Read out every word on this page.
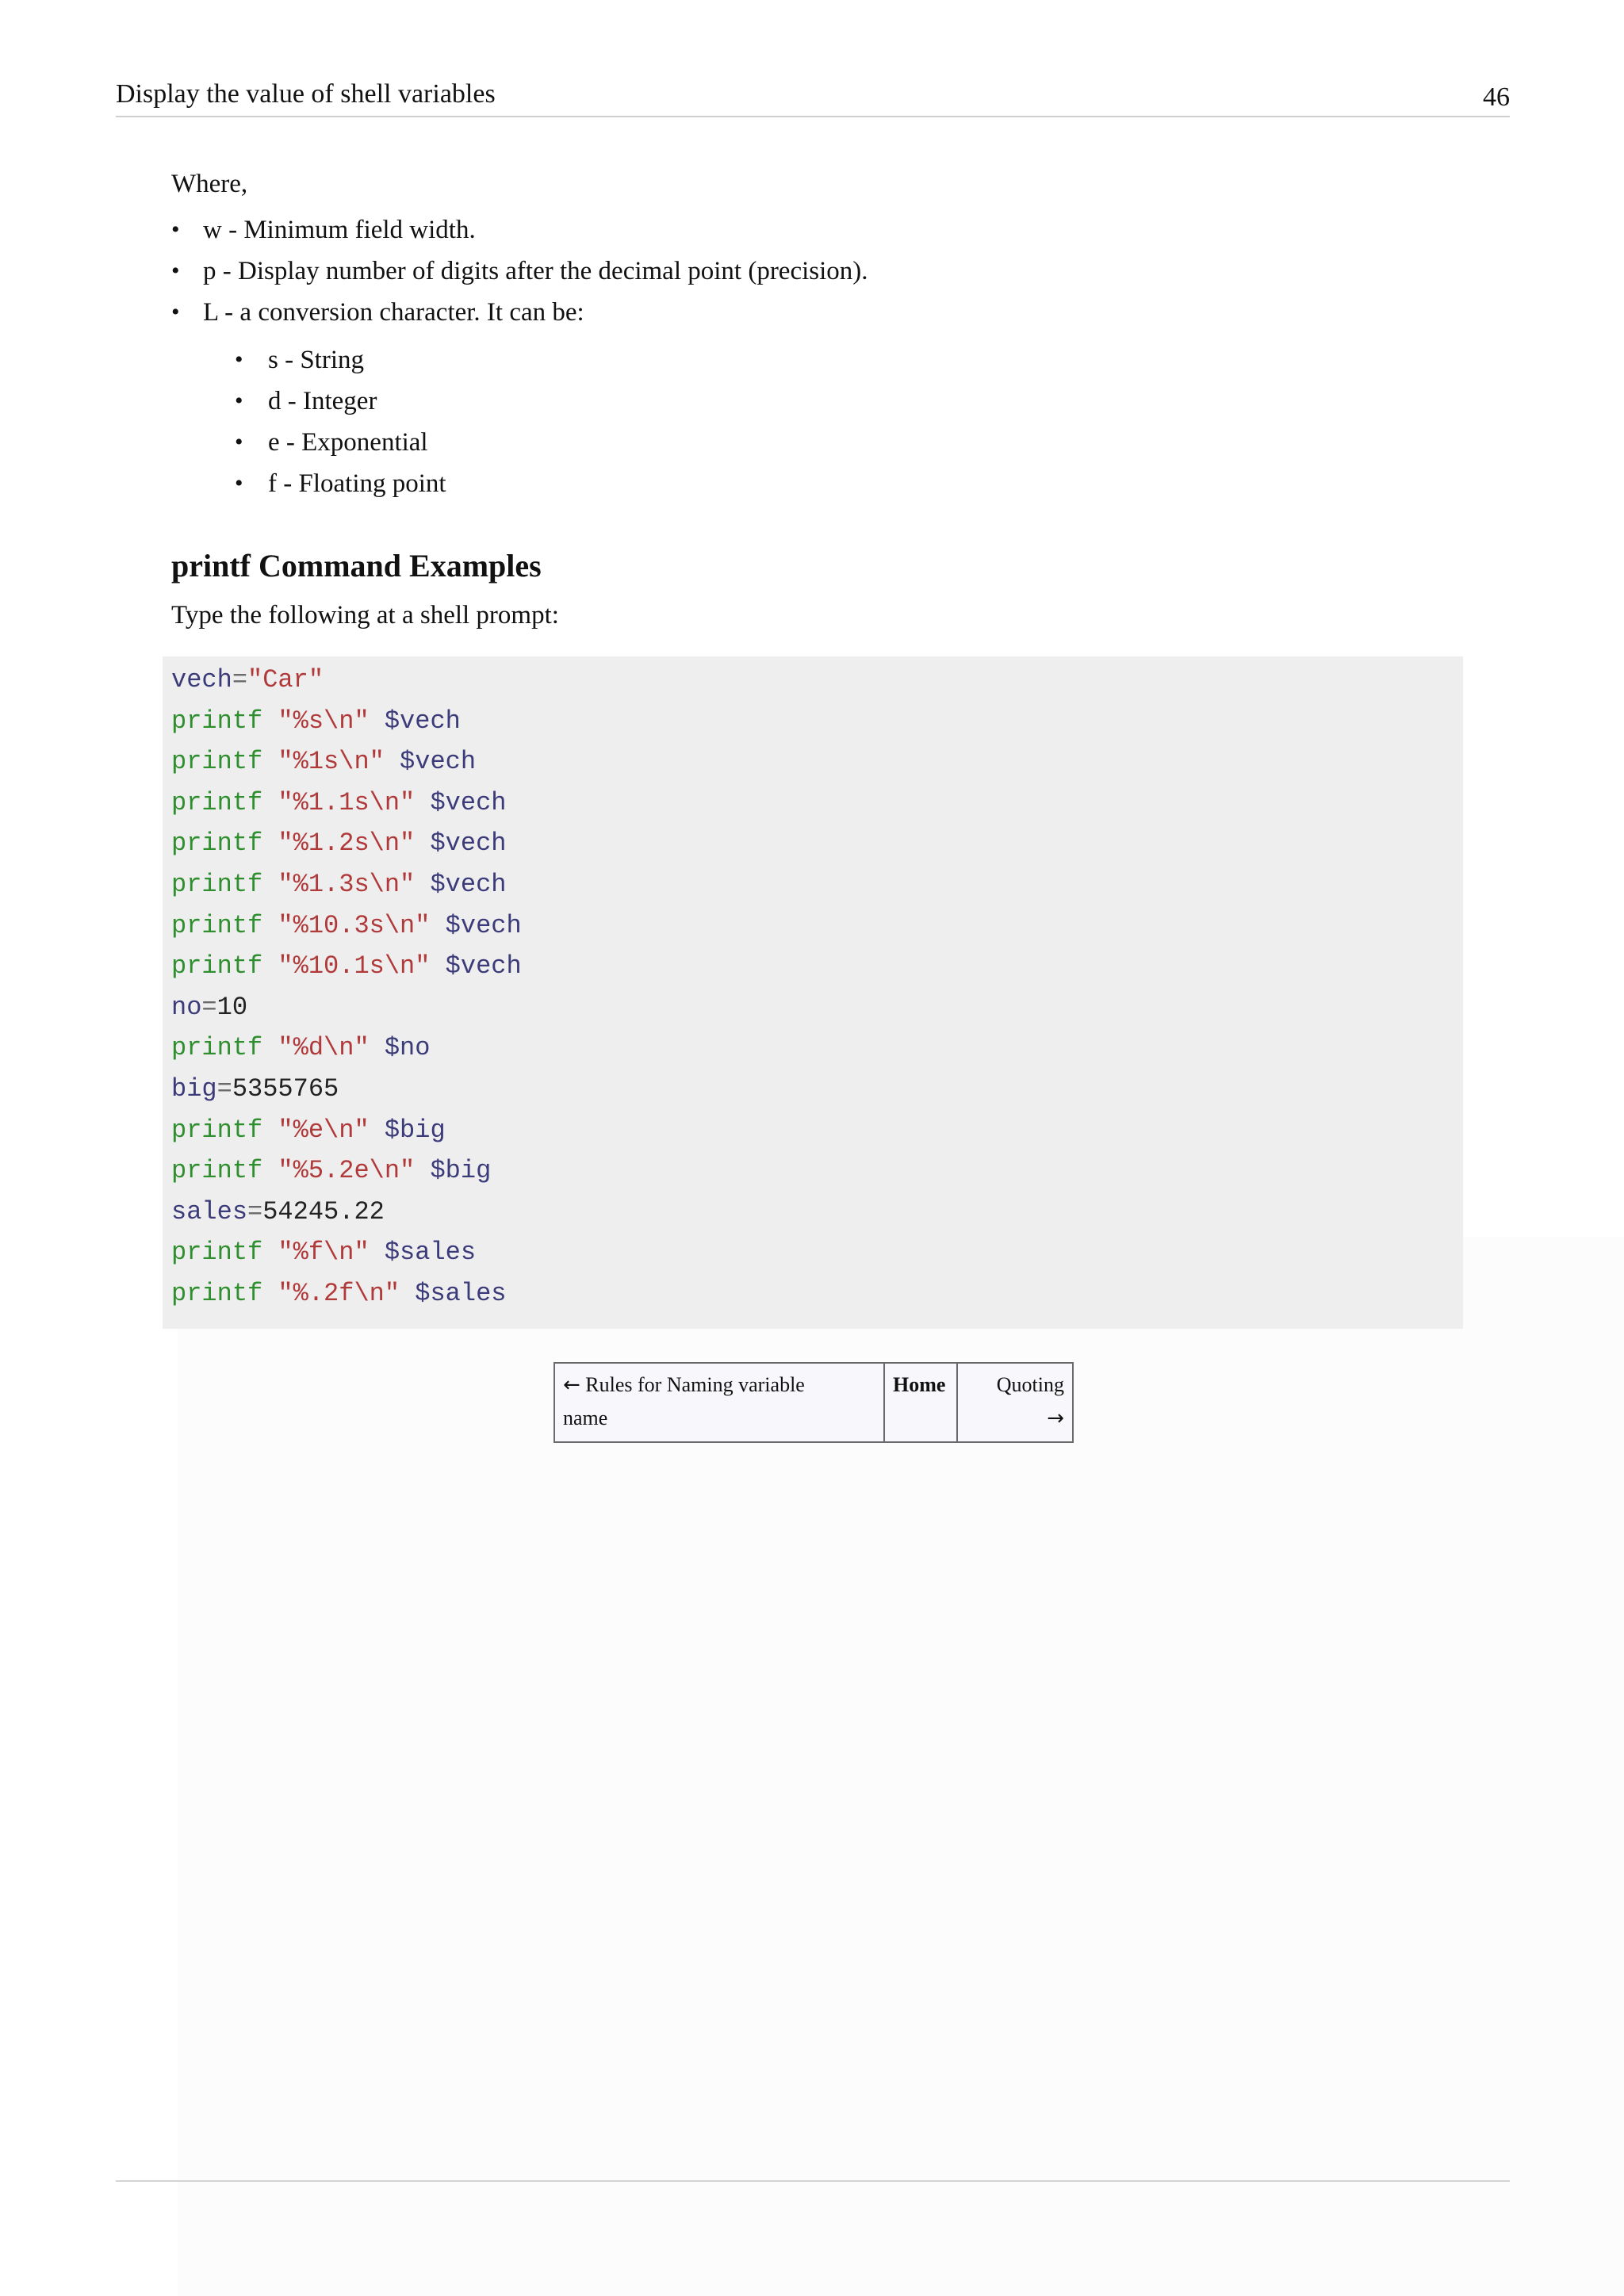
Display the value of shell variables	46

Where,

• w - Minimum field width.
• p - Display number of digits after the decimal point (precision).
• L - a conversion character. It can be:
• s - String
• d - Integer
• e - Exponential
• f - Floating point
printf Command Examples

Type the following at a shell prompt:

vech="Car"
printf "%s\n" $vech
printf "%1s\n" $vech
printf "%1.1s\n" $vech
printf "%1.2s\n" $vech
printf "%1.3s\n" $vech
printf "%10.3s\n" $vech
printf "%10.1s\n" $vech
no=10
printf "%d\n" $no
big=5355765
printf "%e\n" $big
printf "%5.2e\n" $big
sales=54245.22
printf "%f\n" $sales
printf "%.2f\n" $sales
← Rules for Naming variable
name	Home	Quoting
→
